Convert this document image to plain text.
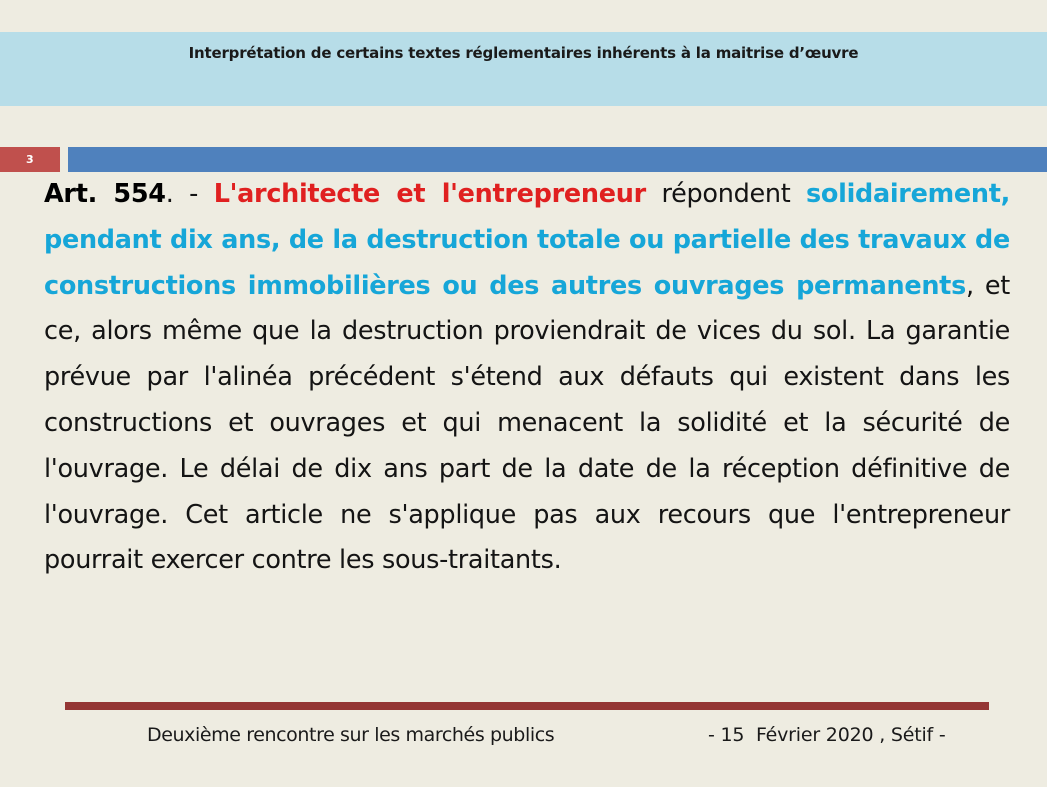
Interprétation de certains textes réglementaires inhérents à la maitrise d’œuvre
3
Art. 554. - L'architecte et l'entrepreneur répondent solidairement, pendant dix ans, de la destruction totale ou partielle des travaux de constructions immobilières ou des autres ouvrages permanents, et ce, alors même que la destruction proviendrait de vices du sol. La garantie prévue par l'alinéa précédent s'étend aux défauts qui existent dans les constructions et ouvrages et qui menacent la solidité et la sécurité de l'ouvrage. Le délai de dix ans part de la date de la réception définitive de l'ouvrage. Cet article ne s'applique pas aux recours que l'entrepreneur pourrait exercer contre les sous-traitants.
Deuxième rencontre sur les marchés publics	- 15  Février 2020 , Sétif -
